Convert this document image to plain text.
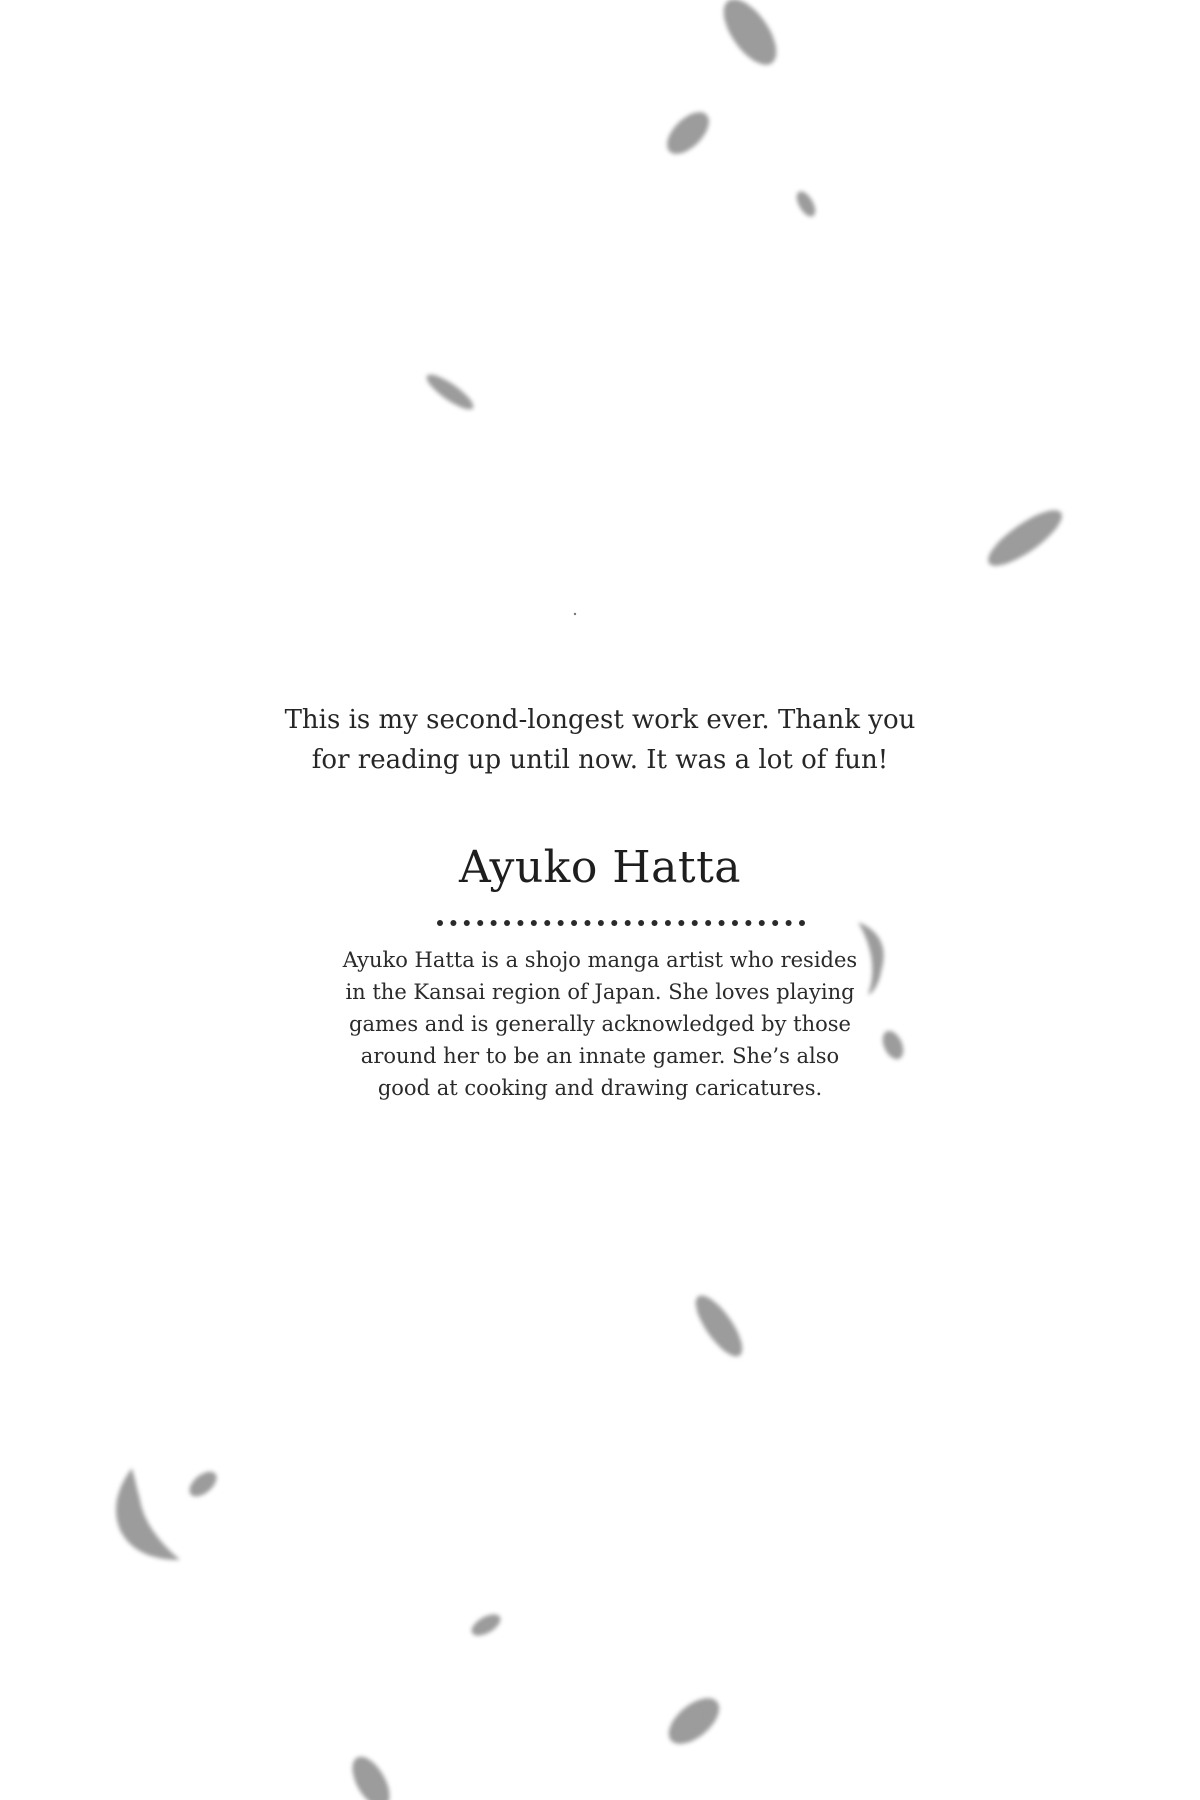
This is my second-longest work ever. Thank you

for reading up until now. It was a lot of fun!

Ayuko Hatta

Ayuko Hatta is a shojo manga artist who resides

in the Kansai region of Japan. She loves playing

games and is generally acknowledged by those

around her to be an innate gamer. She’s also

good at cooking and drawing caricatures.
